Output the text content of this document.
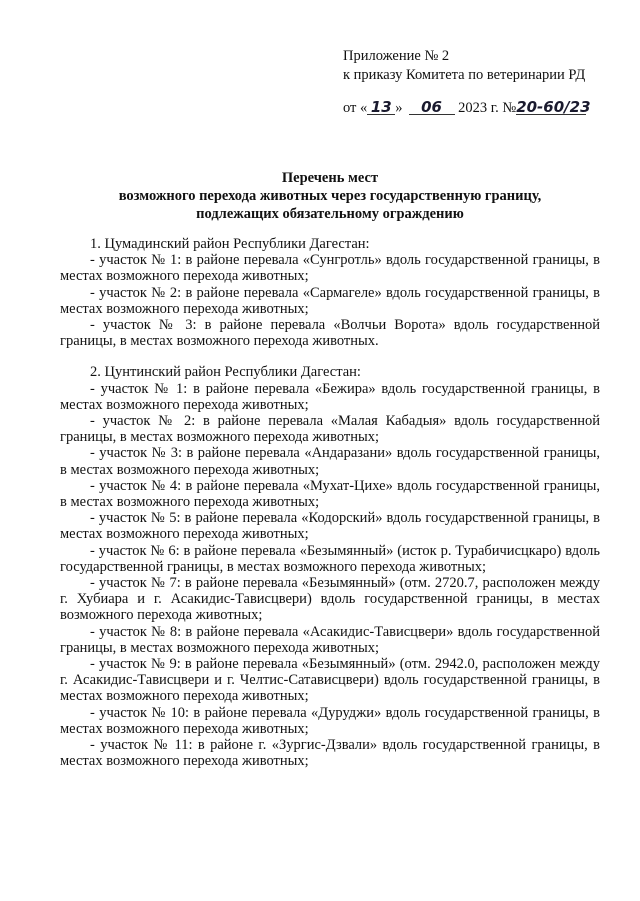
Приложение № 2
к приказу Комитета по ветеринарии РД
от « 13 » 06 2023 г. №20-60/23
Перечень мест
возможного перехода животных через государственную границу,
подлежащих обязательному ограждению

1. Цумадинский район Республики Дагестан:

- участок № 1: в районе перевала «Сунгротль» вдоль государственной границы, в местах возможного перехода животных;

- участок № 2: в районе перевала «Сармагеле» вдоль государственной границы, в местах возможного перехода животных;

- участок № 3: в районе перевала «Волчьи Ворота» вдоль государственной границы, в местах возможного перехода животных.

2. Цунтинский район Республики Дагестан:

- участок № 1: в районе перевала «Бежира» вдоль государственной границы, в местах возможного перехода животных;

- участок № 2: в районе перевала «Малая Кабадыя» вдоль государственной границы, в местах возможного перехода животных;

- участок № 3: в районе перевала «Андаразани» вдоль государственной границы, в местах возможного перехода животных;

- участок № 4: в районе перевала «Мухат-Цихе» вдоль государственной границы, в местах возможного перехода животных;

- участок № 5: в районе перевала «Кодорский» вдоль государственной границы, в местах возможного перехода животных;

- участок № 6: в районе перевала «Безымянный» (исток р. Турабичисцкаро) вдоль государственной границы, в местах возможного перехода животных;

- участок № 7: в районе перевала «Безымянный» (отм. 2720.7, расположен между г. Хубиара и г. Асакидис-Тависцвери) вдоль государственной границы, в местах возможного перехода животных;

- участок № 8: в районе перевала «Асакидис-Тависцвери» вдоль государственной границы, в местах возможного перехода животных;

- участок № 9: в районе перевала «Безымянный» (отм. 2942.0, расположен между г. Асакидис-Тависцвери и г. Челтис-Сатависцвери) вдоль государственной границы, в местах возможного перехода животных;

- участок № 10: в районе перевала «Дуруджи» вдоль государственной границы, в местах возможного перехода животных;

- участок № 11: в районе г. «Зургис-Дзвали» вдоль государственной границы, в местах возможного перехода животных;
